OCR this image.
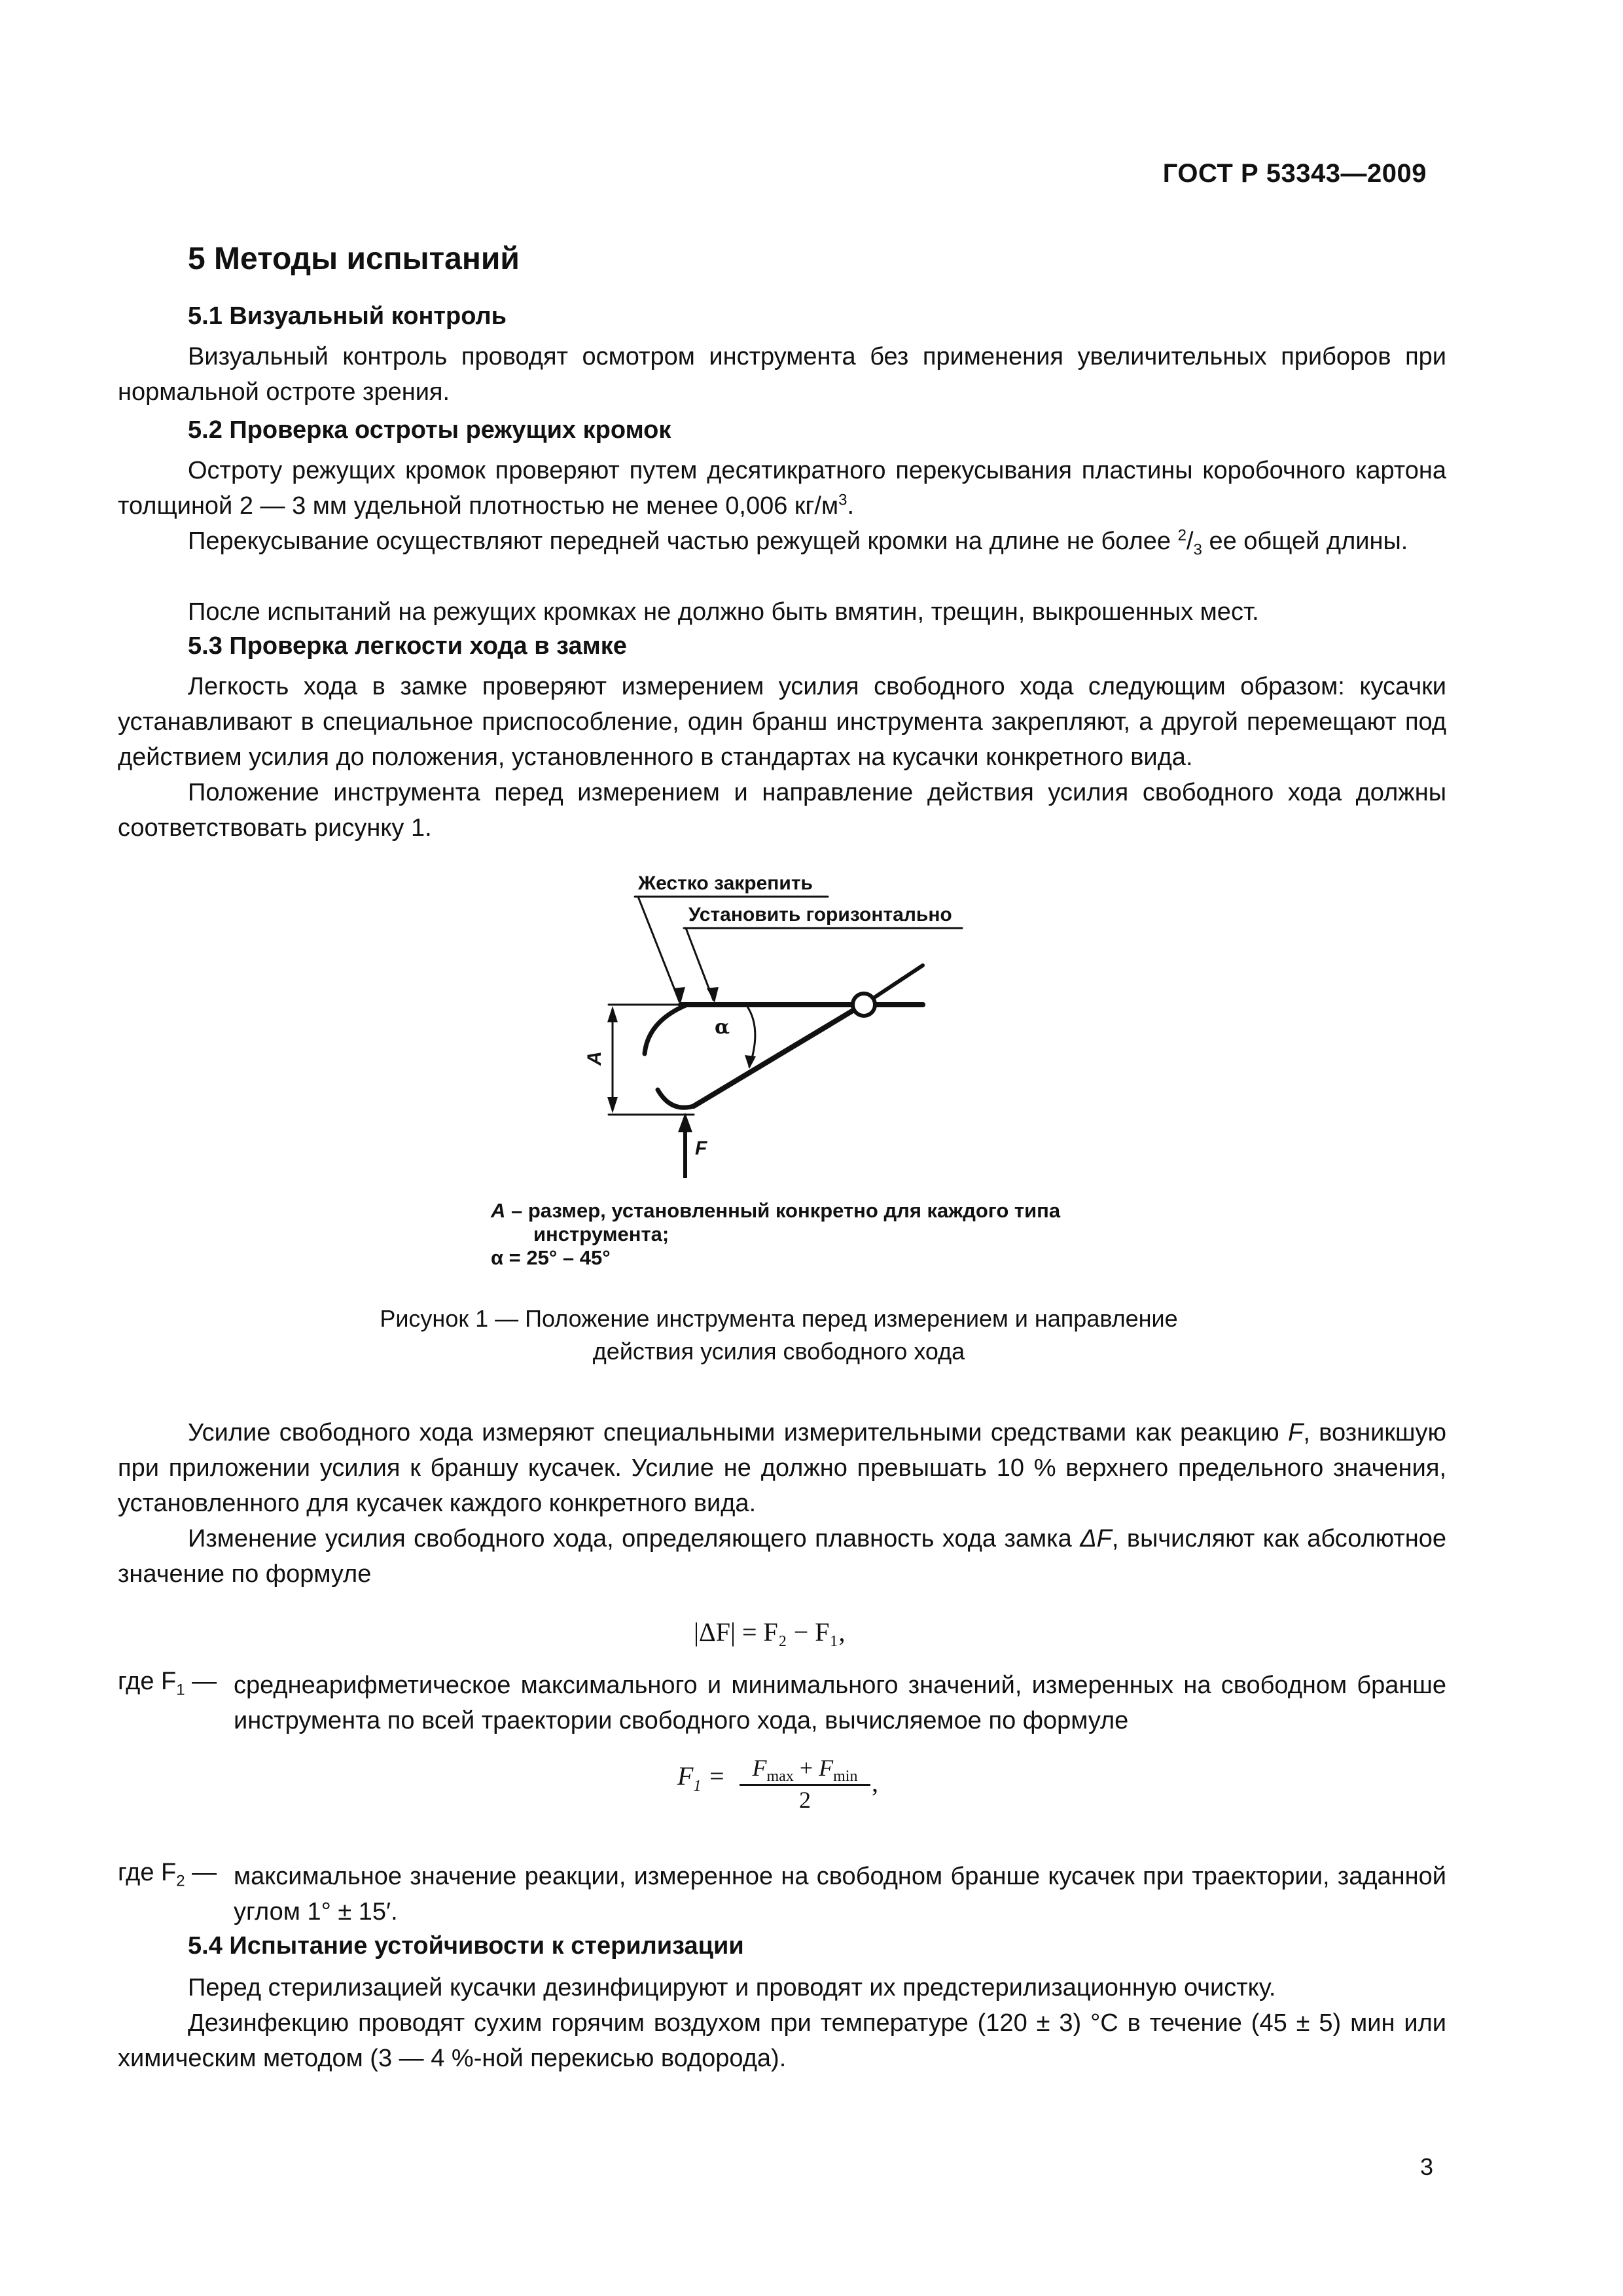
ГОСТ Р 53343—2009
5 Методы испытаний
5.1 Визуальный контроль
Визуальный контроль проводят осмотром инструмента без применения увеличительных приборов при нормальной остроте зрения.
5.2 Проверка остроты режущих кромок
Остроту режущих кромок проверяют путем десятикратного перекусывания пластины коробочного картона толщиной 2 — 3 мм удельной плотностью не менее 0,006 $кг/м^3$.
Перекусывание осуществляют передней частью режущей кромки на длине не более $^2/_3$ ее общей длины.
После испытаний на режущих кромках не должно быть вмятин, трещин, выкрошенных мест.
5.3 Проверка легкости хода в замке
Легкость хода в замке проверяют измерением усилия свободного хода следующим образом: кусачки устанавливают в специальное приспособление, один бранш инструмента закрепляют, а другой перемещают под действием усилия до положения, установленного в стандартах на кусачки конкретного вида.
Положение инструмента перед измерением и направление действия усилия свободного хода должны соответствовать рисунку 1.
Жестко закрепить
Установить горизонтально
A
α
F
A – размер, установленный конкретно для каждого типа
инструмента;
α = 25° – 45°
Рисунок 1 — Положение инструмента перед измерением и направление
действия усилия свободного хода
Усилие свободного хода измеряют специальными измерительными средствами как реакцию F, возникшую при приложении усилия к браншу кусачек. Усилие не должно превышать 10 % верхнего предельного значения, установленного для кусачек каждого конкретного вида.
Изменение усилия свободного хода, определяющего плавность хода замка ΔF, вычисляют как абсолютное значение по формуле
|ΔF| = F₂ − F₁,
где $F_1$ — среднеарифметическое максимального и минимального значений, измеренных на свободном бранше инструмента по всей траектории свободного хода, вычисляемое по формуле
$F_1$ =	$F_{max} + F_{min}$
2
,
где $F_2$ — максимальное значение реакции, измеренное на свободном бранше кусачек при траектории, заданной углом 1° ± 15′.
5.4 Испытание устойчивости к стерилизации
Перед стерилизацией кусачки дезинфицируют и проводят их предстерилизационную очистку.
Дезинфекцию проводят сухим горячим воздухом при температуре (120 ± 3) °С в течение (45 ± 5) мин или химическим методом (3 — 4 %-ной перекисью водорода).
3
